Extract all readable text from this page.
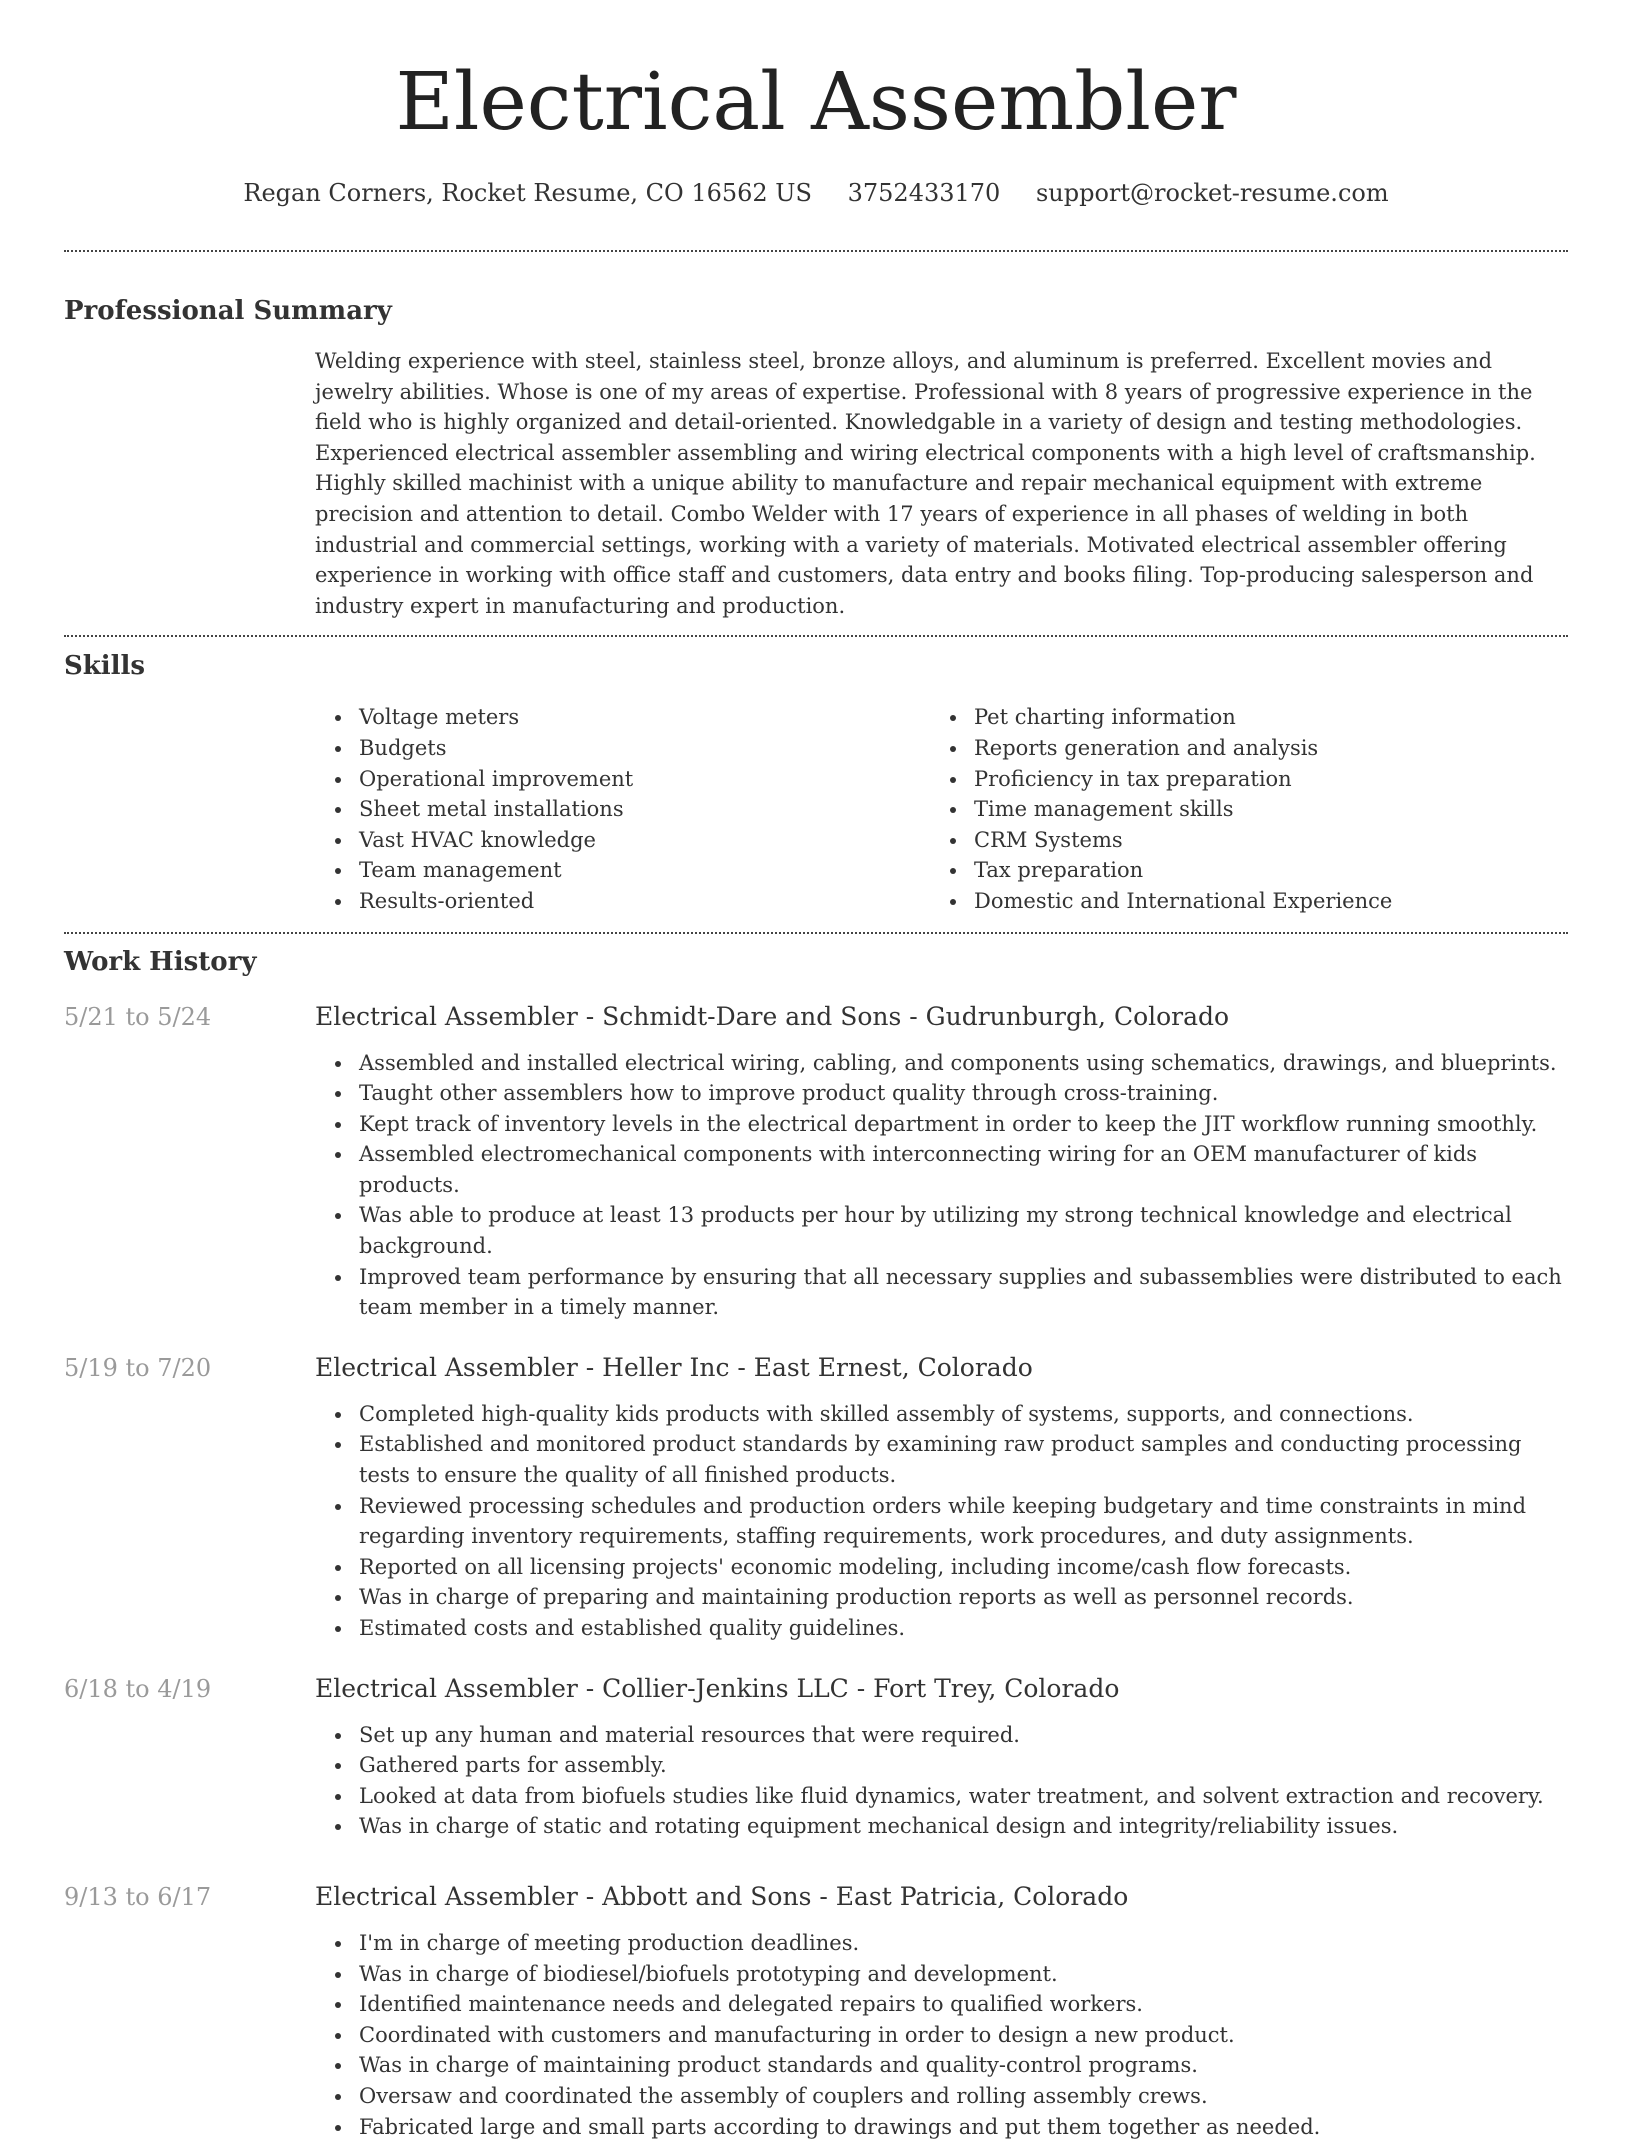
Electrical Assembler
Regan Corners, Rocket Resume, CO 16562 US 3752433170 support@rocket-resume.com
Professional Summary
Welding experience with steel, stainless steel, bronze alloys, and aluminum is preferred. Excellent movies and jewelry abilities. Whose is one of my areas of expertise. Professional with 8 years of progressive experience in the field who is highly organized and detail-oriented. Knowledgable in a variety of design and testing methodologies. Experienced electrical assembler assembling and wiring electrical components with a high level of craftsmanship. Highly skilled machinist with a unique ability to manufacture and repair mechanical equipment with extreme precision and attention to detail. Combo Welder with 17 years of experience in all phases of welding in both industrial and commercial settings, working with a variety of materials. Motivated electrical assembler offering experience in working with office staff and customers, data entry and books filing. Top-producing salesperson and industry expert in manufacturing and production.
Skills
Voltage meters
Budgets
Operational improvement
Sheet metal installations
Vast HVAC knowledge
Team management
Results-oriented
Pet charting information
Reports generation and analysis
Proficiency in tax preparation
Time management skills
CRM Systems
Tax preparation
Domestic and International Experience
Work History
5/21 to 5/24	Electrical Assembler - Schmidt-Dare and Sons - Gudrunburgh, Colorado
Assembled and installed electrical wiring, cabling, and components using schematics, drawings, and blueprints.
Taught other assemblers how to improve product quality through cross-training.
Kept track of inventory levels in the electrical department in order to keep the JIT workflow running smoothly.
Assembled electromechanical components with interconnecting wiring for an OEM manufacturer of kids products.
Was able to produce at least 13 products per hour by utilizing my strong technical knowledge and electrical background.
Improved team performance by ensuring that all necessary supplies and subassemblies were distributed to each team member in a timely manner.
5/19 to 7/20	Electrical Assembler - Heller Inc - East Ernest, Colorado
Completed high-quality kids products with skilled assembly of systems, supports, and connections.
Established and monitored product standards by examining raw product samples and conducting processing tests to ensure the quality of all finished products.
Reviewed processing schedules and production orders while keeping budgetary and time constraints in mind regarding inventory requirements, staffing requirements, work procedures, and duty assignments.
Reported on all licensing projects' economic modeling, including income/cash flow forecasts.
Was in charge of preparing and maintaining production reports as well as personnel records.
Estimated costs and established quality guidelines.
6/18 to 4/19	Electrical Assembler - Collier-Jenkins LLC - Fort Trey, Colorado
Set up any human and material resources that were required.
Gathered parts for assembly.
Looked at data from biofuels studies like fluid dynamics, water treatment, and solvent extraction and recovery.
Was in charge of static and rotating equipment mechanical design and integrity/reliability issues.
9/13 to 6/17	Electrical Assembler - Abbott and Sons - East Patricia, Colorado
I'm in charge of meeting production deadlines.
Was in charge of biodiesel/biofuels prototyping and development.
Identified maintenance needs and delegated repairs to qualified workers.
Coordinated with customers and manufacturing in order to design a new product.
Was in charge of maintaining product standards and quality-control programs.
Oversaw and coordinated the assembly of couplers and rolling assembly crews.
Fabricated large and small parts according to drawings and put them together as needed.
